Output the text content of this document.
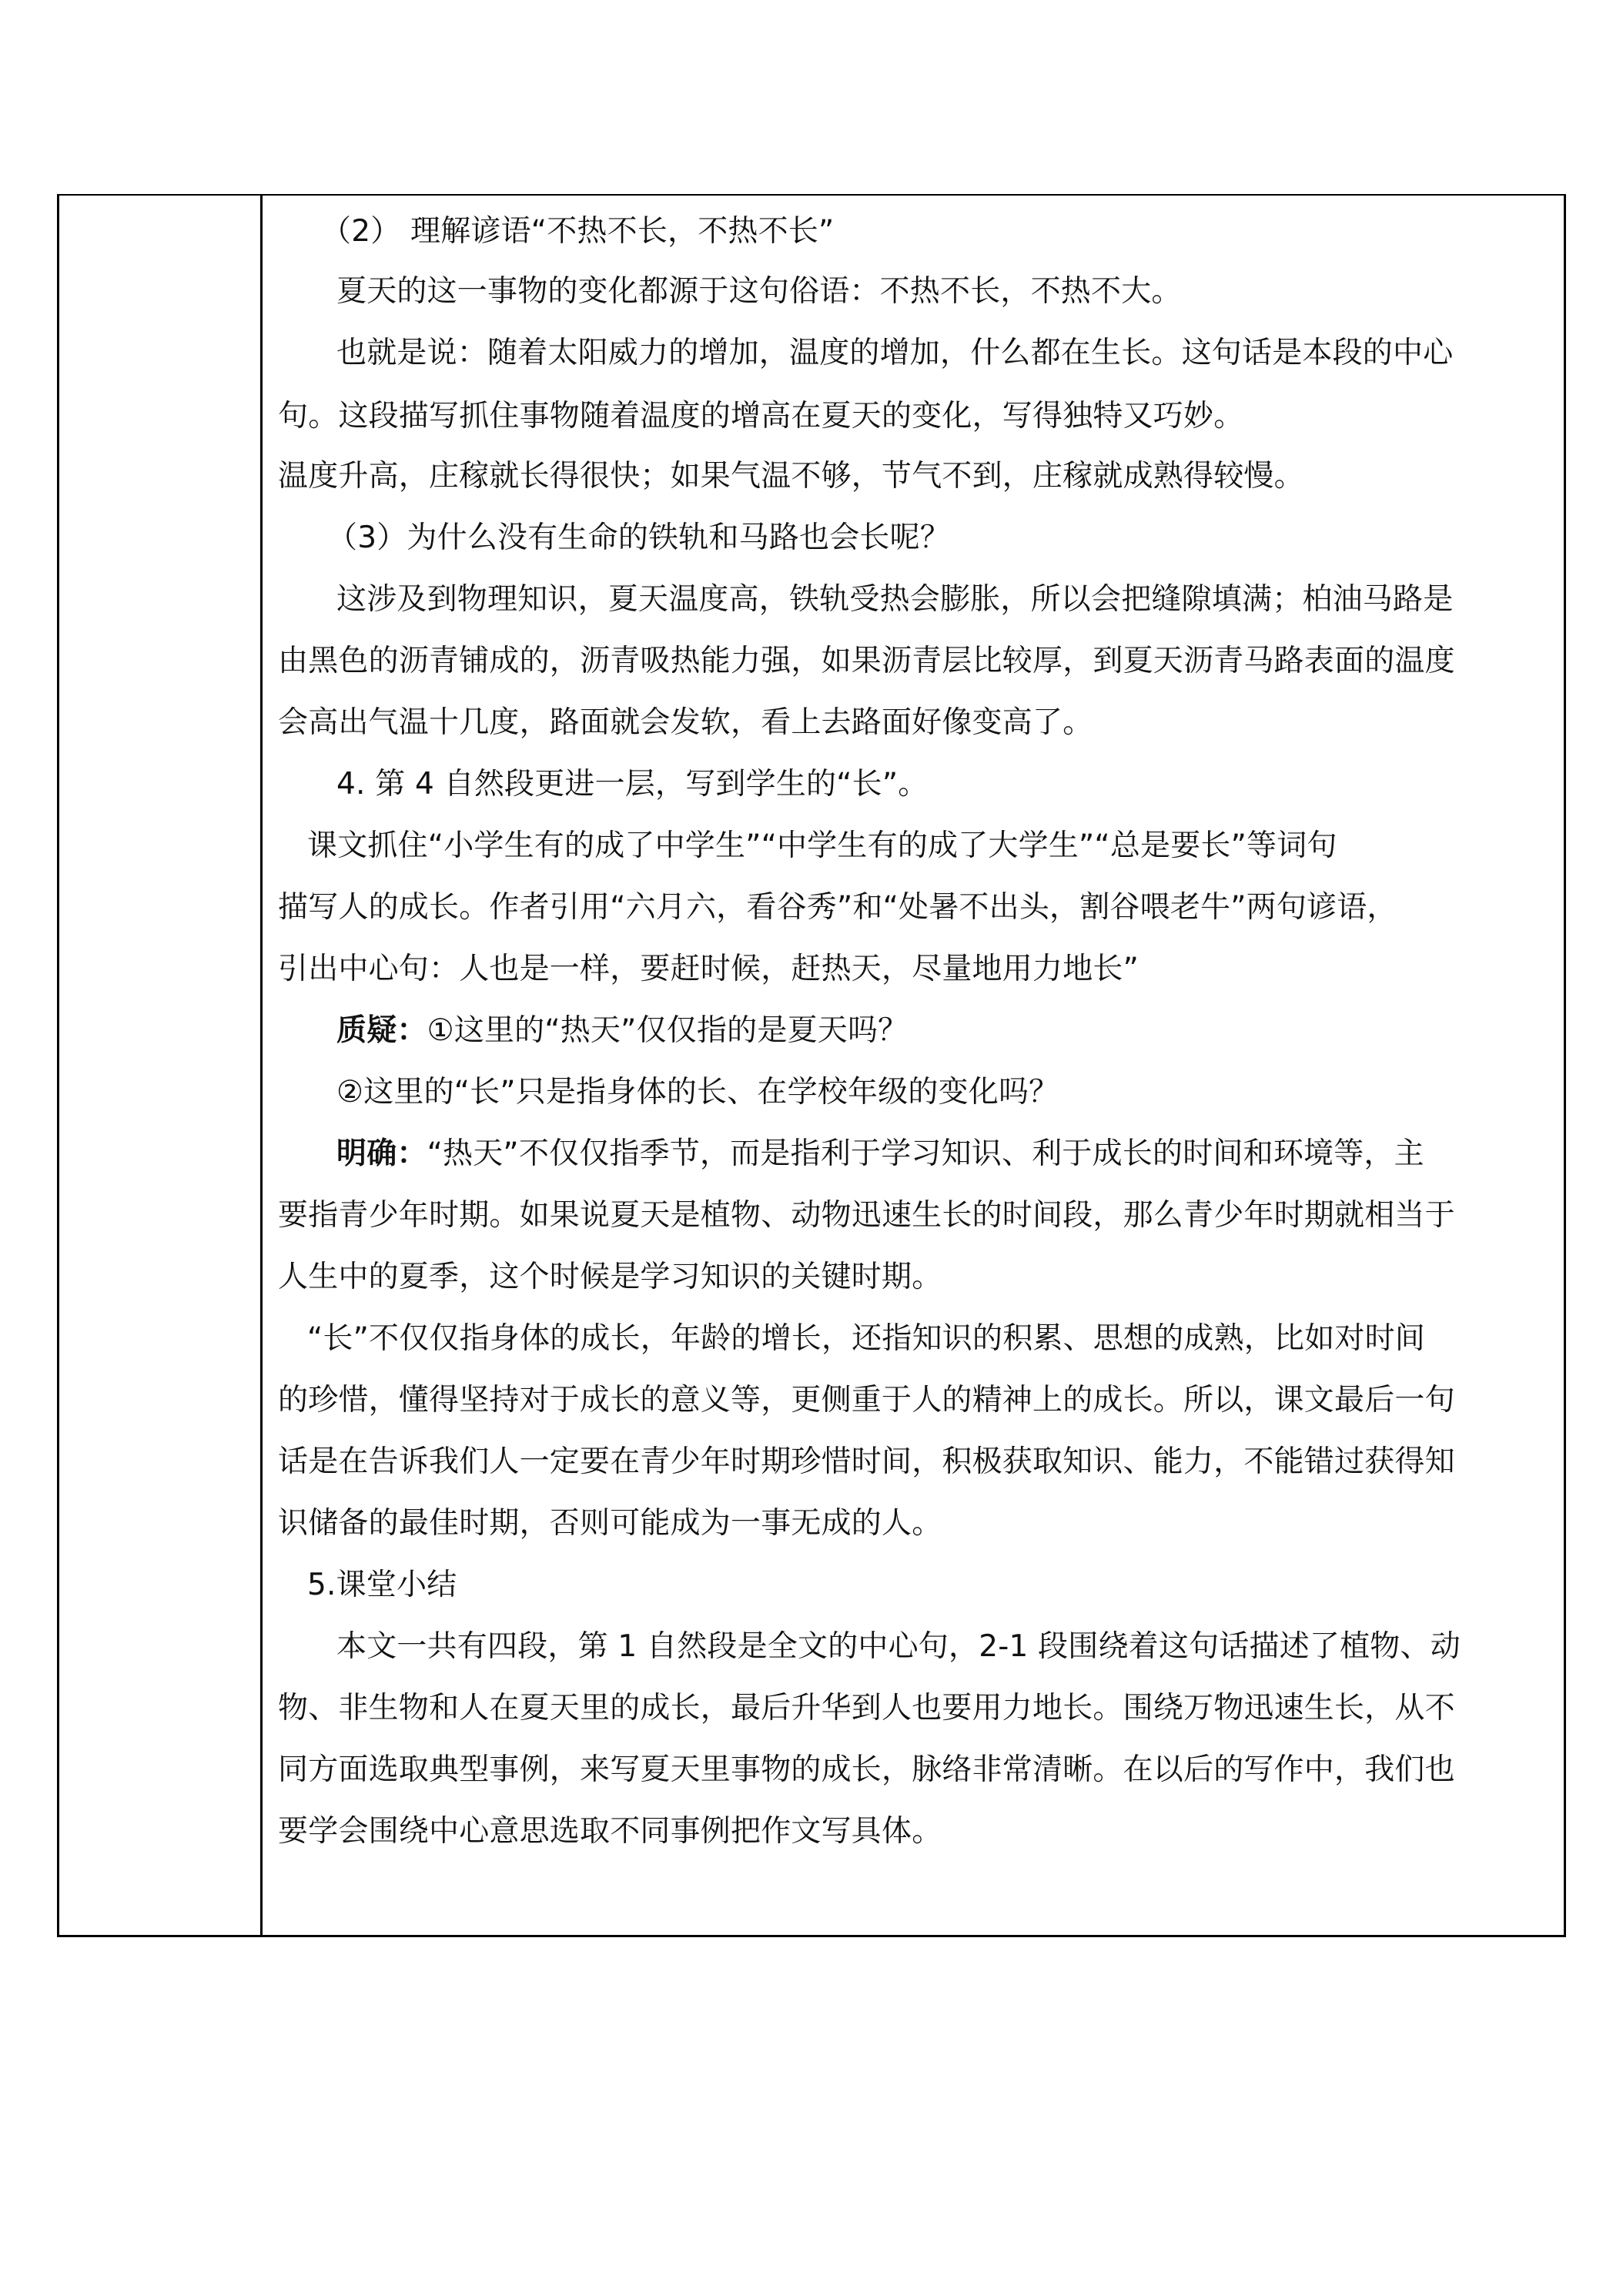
（2） 理解谚语“不热不长，不热不长”

夏天的这一事物的变化都源于这句俗语：不热不长，不热不大。

也就是说：随着太阳威力的增加，温度的增加，什么都在生长。这句话是本段的中心

句。这段描写抓住事物随着温度的增高在夏天的变化，写得独特又巧妙。

温度升高，庄稼就长得很快；如果气温不够，节气不到，庄稼就成熟得较慢。

（3）为什么没有生命的铁轨和马路也会长呢？

这涉及到物理知识，夏天温度高，铁轨受热会膨胀，所以会把缝隙填满；柏油马路是

由黑色的沥青铺成的，沥青吸热能力强，如果沥青层比较厚，到夏天沥青马路表面的温度

会高出气温十几度，路面就会发软，看上去路面好像变高了。

4. 第 4 自然段更进一层，写到学生的“长”。

课文抓住“小学生有的成了中学生”“中学生有的成了大学生”“总是要长”等词句

描写人的成长。作者引用“六月六，看谷秀”和“处暑不出头，割谷喂老牛”两句谚语，

引出中心句：人也是一样，要赶时候，赶热天，尽量地用力地长”

质疑：①这里的“热天”仅仅指的是夏天吗？

②这里的“长”只是指身体的长、在学校年级的变化吗？

明确：“热天”不仅仅指季节，而是指利于学习知识、利于成长的时间和环境等，主

要指青少年时期。如果说夏天是植物、动物迅速生长的时间段，那么青少年时期就相当于

人生中的夏季，这个时候是学习知识的关键时期。

“长”不仅仅指身体的成长，年龄的增长，还指知识的积累、思想的成熟，比如对时间

的珍惜，懂得坚持对于成长的意义等，更侧重于人的精神上的成长。所以，课文最后一句

话是在告诉我们人一定要在青少年时期珍惜时间，积极获取知识、能力，不能错过获得知

识储备的最佳时期，否则可能成为一事无成的人。

5.课堂小结

本文一共有四段，第 1 自然段是全文的中心句，2-1 段围绕着这句话描述了植物、动

物、非生物和人在夏天里的成长，最后升华到人也要用力地长。围绕万物迅速生长，从不

同方面选取典型事例，来写夏天里事物的成长，脉络非常清晰。在以后的写作中，我们也

要学会围绕中心意思选取不同事例把作文写具体。
